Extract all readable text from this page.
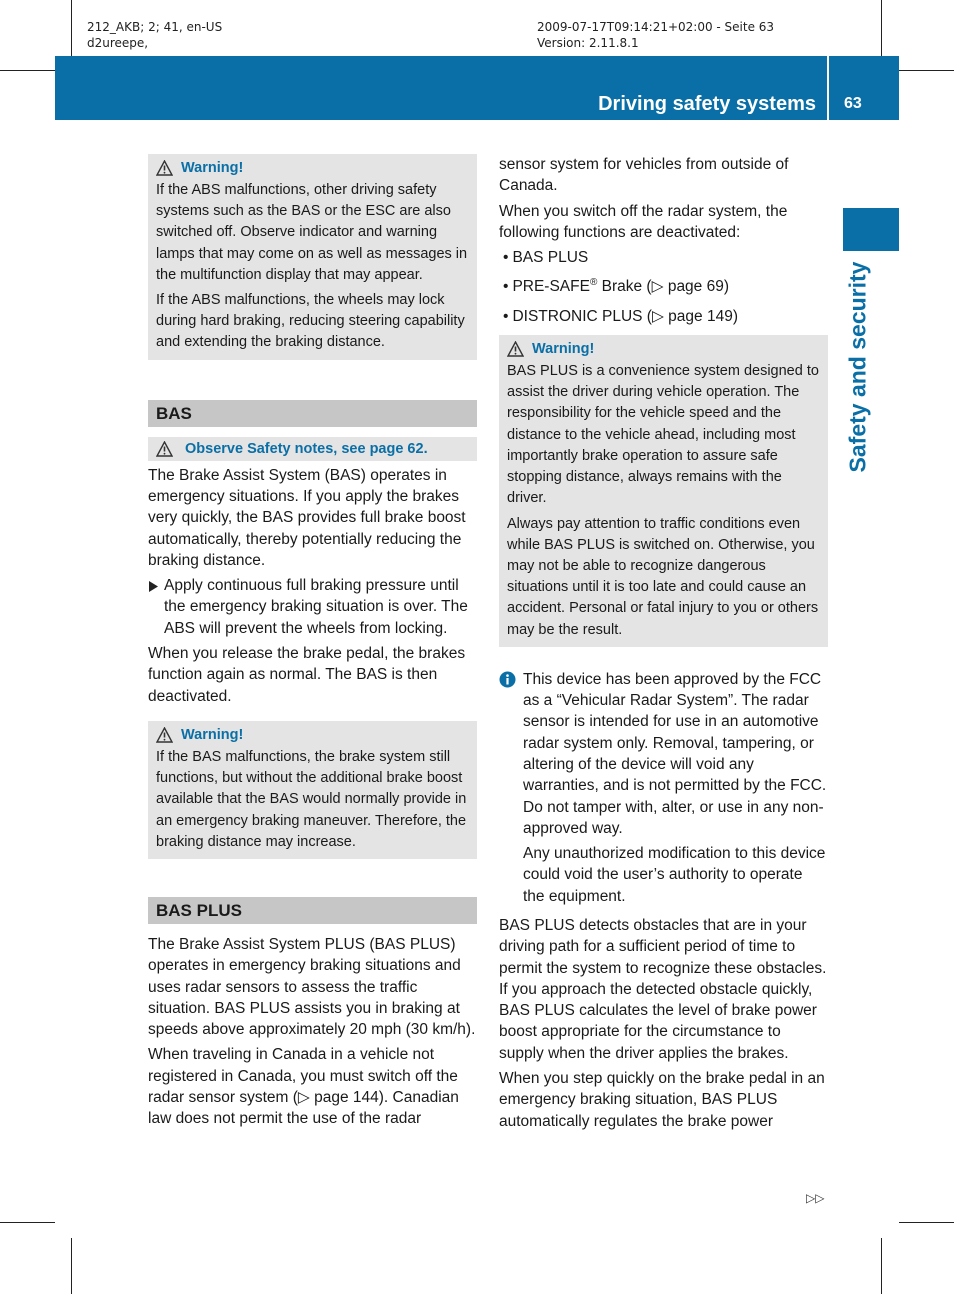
212_AKB; 2; 41, en-US
d2ureepe,
2009-07-17T09:14:21+02:00 - Seite 63
Version: 2.11.8.1
Driving safety systems 63
Safety and security
Warning!

If the ABS malfunctions, other driving safety systems such as the BAS or the ESC are also switched off. Observe indicator and warning lamps that may come on as well as messages in the multifunction display that may appear.

If the ABS malfunctions, the wheels may lock during hard braking, reducing steering capability and extending the braking distance.

BAS
Observe Safety notes, see page 62.

The Brake Assist System (BAS) operates in emergency situations. If you apply the brakes very quickly, the BAS provides full brake boost automatically, thereby potentially reducing the braking distance.

Apply continuous full braking pressure until the emergency braking situation is over. The ABS will prevent the wheels from locking.

When you release the brake pedal, the brakes function again as normal. The BAS is then deactivated.

Warning!

If the BAS malfunctions, the brake system still functions, but without the additional brake boost available that the BAS would normally provide in an emergency braking maneuver. Therefore, the braking distance may increase.

BAS PLUS

The Brake Assist System PLUS (BAS PLUS) operates in emergency braking situations and uses radar sensors to assess the traffic situation. BAS PLUS assists you in braking at speeds above approximately 20 mph (30 km/h).

When traveling in Canada in a vehicle not registered in Canada, you must switch off the radar sensor system (▷ page 144). Canadian law does not permit the use of the radar

sensor system for vehicles from outside of Canada.

When you switch off the radar system, the following functions are deactivated:

• BAS PLUS
• PRE-SAFE® Brake (▷ page 69)
• DISTRONIC PLUS (▷ page 149)
Warning!

BAS PLUS is a convenience system designed to assist the driver during vehicle operation. The responsibility for the vehicle speed and the distance to the vehicle ahead, including most importantly brake operation to assure safe stopping distance, always remains with the driver.

Always pay attention to traffic conditions even while BAS PLUS is switched on. Otherwise, you may not be able to recognize dangerous situations until it is too late and could cause an accident. Personal or fatal injury to you or others may be the result.

This device has been approved by the FCC as a “Vehicular Radar System”. The radar sensor is intended for use in an automotive radar system only. Removal, tampering, or altering of the device will void any warranties, and is not permitted by the FCC. Do not tamper with, alter, or use in any non-approved way.

Any unauthorized modification to this device could void the user’s authority to operate the equipment.

BAS PLUS detects obstacles that are in your driving path for a sufficient period of time to permit the system to recognize these obstacles. If you approach the detected obstacle quickly, BAS PLUS calculates the level of brake power boost appropriate for the circumstance to supply when the driver applies the brakes.

When you step quickly on the brake pedal in an emergency braking situation, BAS PLUS automatically regulates the brake power

▷▷
